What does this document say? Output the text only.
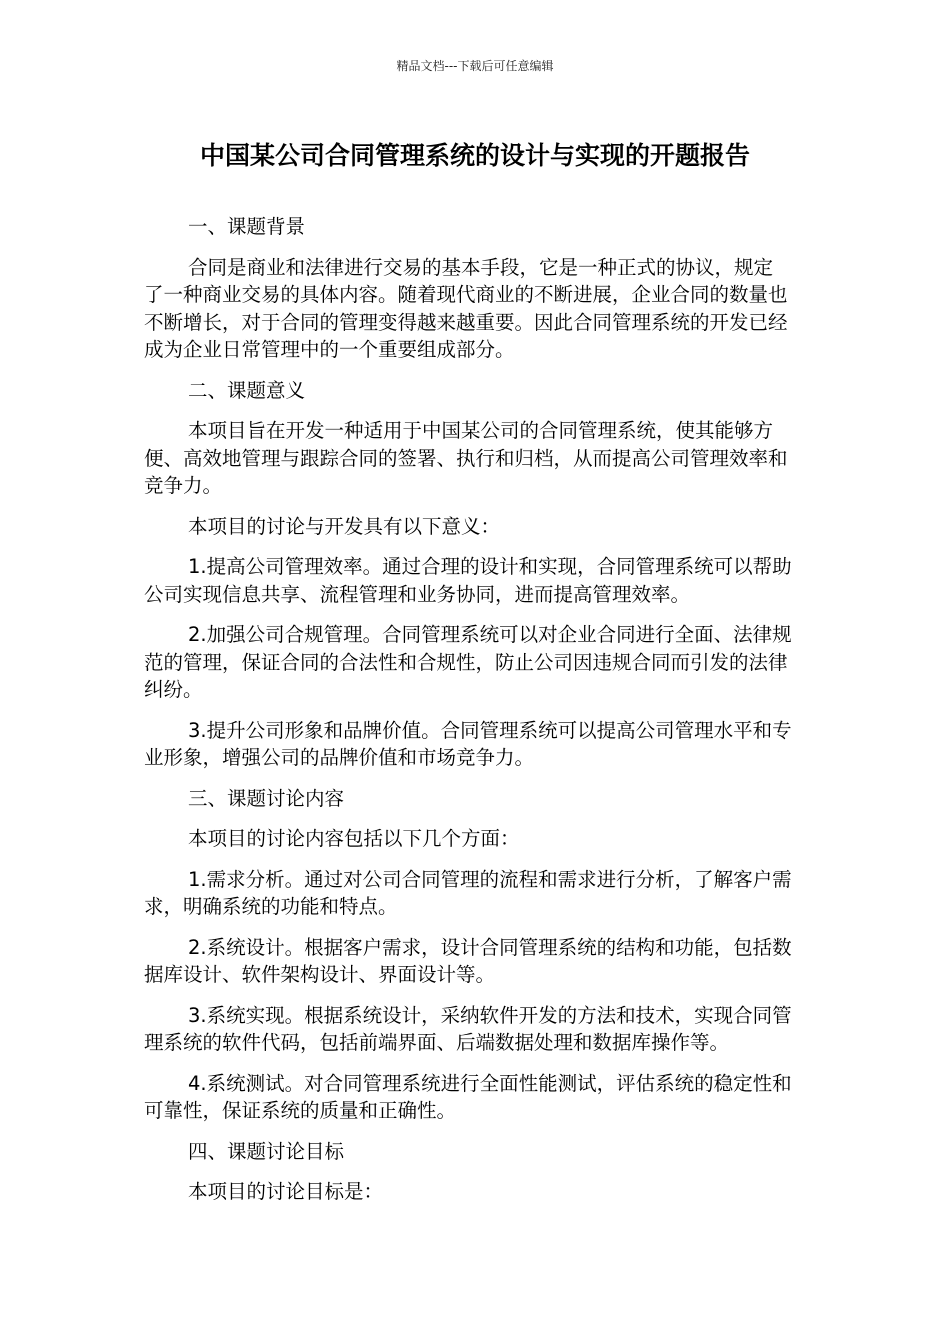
精品文档---下载后可任意编辑
中国某公司合同管理系统的设计与实现的开题报告

一、课题背景

合同是商业和法律进行交易的基本手段，它是一种正式的协议，规定了一种商业交易的具体内容。随着现代商业的不断进展，企业合同的数量也不断增长，对于合同的管理变得越来越重要。因此合同管理系统的开发已经成为企业日常管理中的一个重要组成部分。

二、课题意义

本项目旨在开发一种适用于中国某公司的合同管理系统，使其能够方便、高效地管理与跟踪合同的签署、执行和归档，从而提高公司管理效率和竞争力。

本项目的讨论与开发具有以下意义：

1.提高公司管理效率。通过合理的设计和实现，合同管理系统可以帮助公司实现信息共享、流程管理和业务协同，进而提高管理效率。

2.加强公司合规管理。合同管理系统可以对企业合同进行全面、法律规范的管理，保证合同的合法性和合规性，防止公司因违规合同而引发的法律纠纷。

3.提升公司形象和品牌价值。合同管理系统可以提高公司管理水平和专业形象，增强公司的品牌价值和市场竞争力。

三、课题讨论内容

本项目的讨论内容包括以下几个方面：

1.需求分析。通过对公司合同管理的流程和需求进行分析，了解客户需求，明确系统的功能和特点。

2.系统设计。根据客户需求，设计合同管理系统的结构和功能，包括数据库设计、软件架构设计、界面设计等。

3.系统实现。根据系统设计，采纳软件开发的方法和技术，实现合同管理系统的软件代码，包括前端界面、后端数据处理和数据库操作等。

4.系统测试。对合同管理系统进行全面性能测试，评估系统的稳定性和可靠性，保证系统的质量和正确性。

四、课题讨论目标

本项目的讨论目标是：
